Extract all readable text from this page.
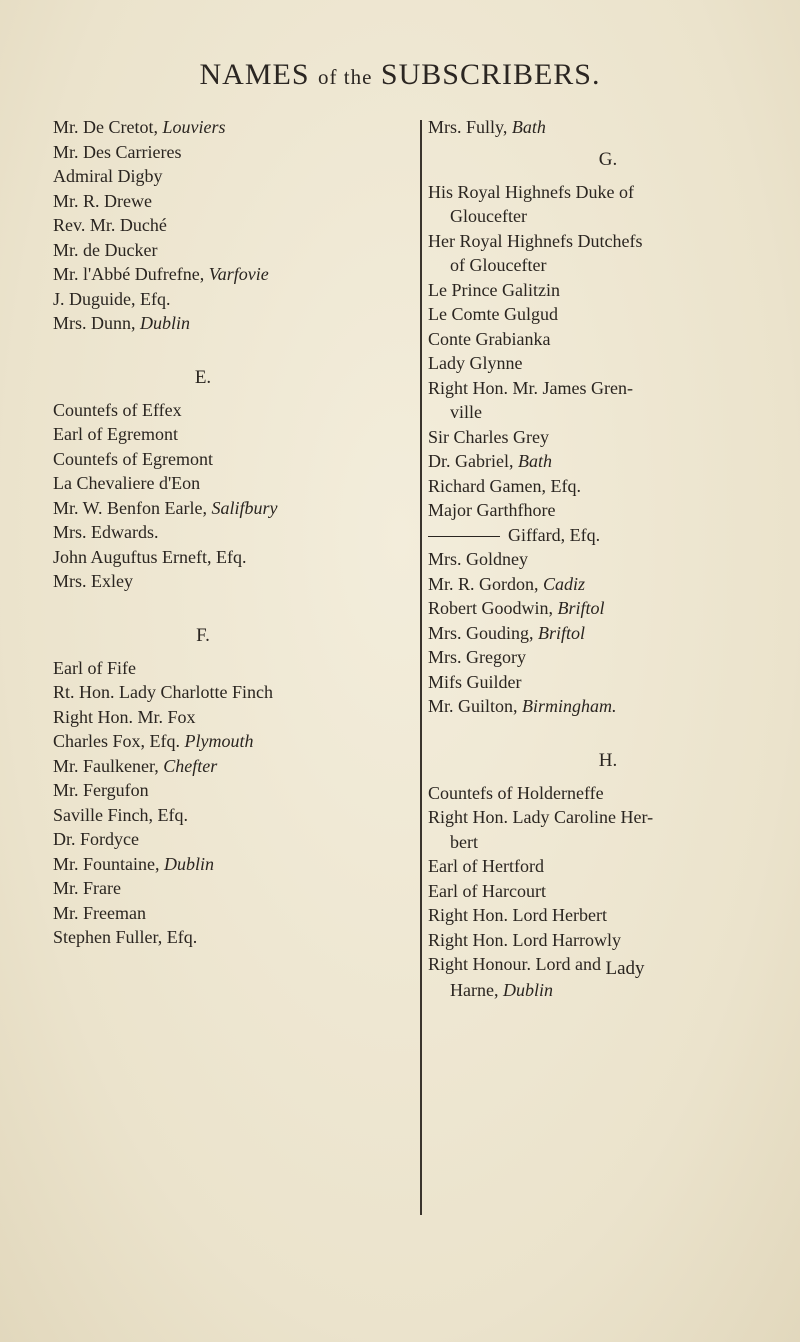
NAMES of the SUBSCRIBERS.
Mr. De Cretot, Louviers
Mr. Des Carrieres
Admiral Digby
Mr. R. Drewe
Rev. Mr. Duché
Mr. de Ducker
Mr. l'Abbé Dufrefne, Varfovie
J. Duguide, Efq.
Mrs. Dunn, Dublin
E.
Countefs of Effex
Earl of Egremont
Countefs of Egremont
La Chevaliere d'Eon
Mr. W. Benfon Earle, Salifbury
Mrs. Edwards.
John Auguftus Erneft, Efq.
Mrs. Exley
F.
Earl of Fife
Rt. Hon. Lady Charlotte Finch
Right Hon. Mr. Fox
Charles Fox, Efq. Plymouth
Mr. Faulkener, Chefter
Mr. Fergufon
Saville Finch, Efq.
Dr. Fordyce
Mr. Fountaine, Dublin
Mr. Frare
Mr. Freeman
Stephen Fuller, Efq.
Mrs. Fully, Bath
G.
His Royal Highnefs Duke of
Gloucefter
Her Royal Highnefs Dutchefs
of Gloucefter
Le Prince Galitzin
Le Comte Gulgud
Conte Grabianka
Lady Glynne
Right Hon. Mr. James Gren-
ville
Sir Charles Grey
Dr. Gabriel, Bath
Richard Gamen, Efq.
Major Garthfhore
Giffard, Efq.
Mrs. Goldney
Mr. R. Gordon, Cadiz
Robert Goodwin, Briftol
Mrs. Gouding, Briftol
Mrs. Gregory
Mifs Guilder
Mr. Guilton, Birmingham.
H.
Countefs of Holderneffe
Right Hon. Lady Caroline Her-
bert
Earl of Hertford
Earl of Harcourt
Right Hon. Lord Herbert
Right Hon. Lord Harrowly
Right Honour. Lord and Lady
Harne, Dublin
